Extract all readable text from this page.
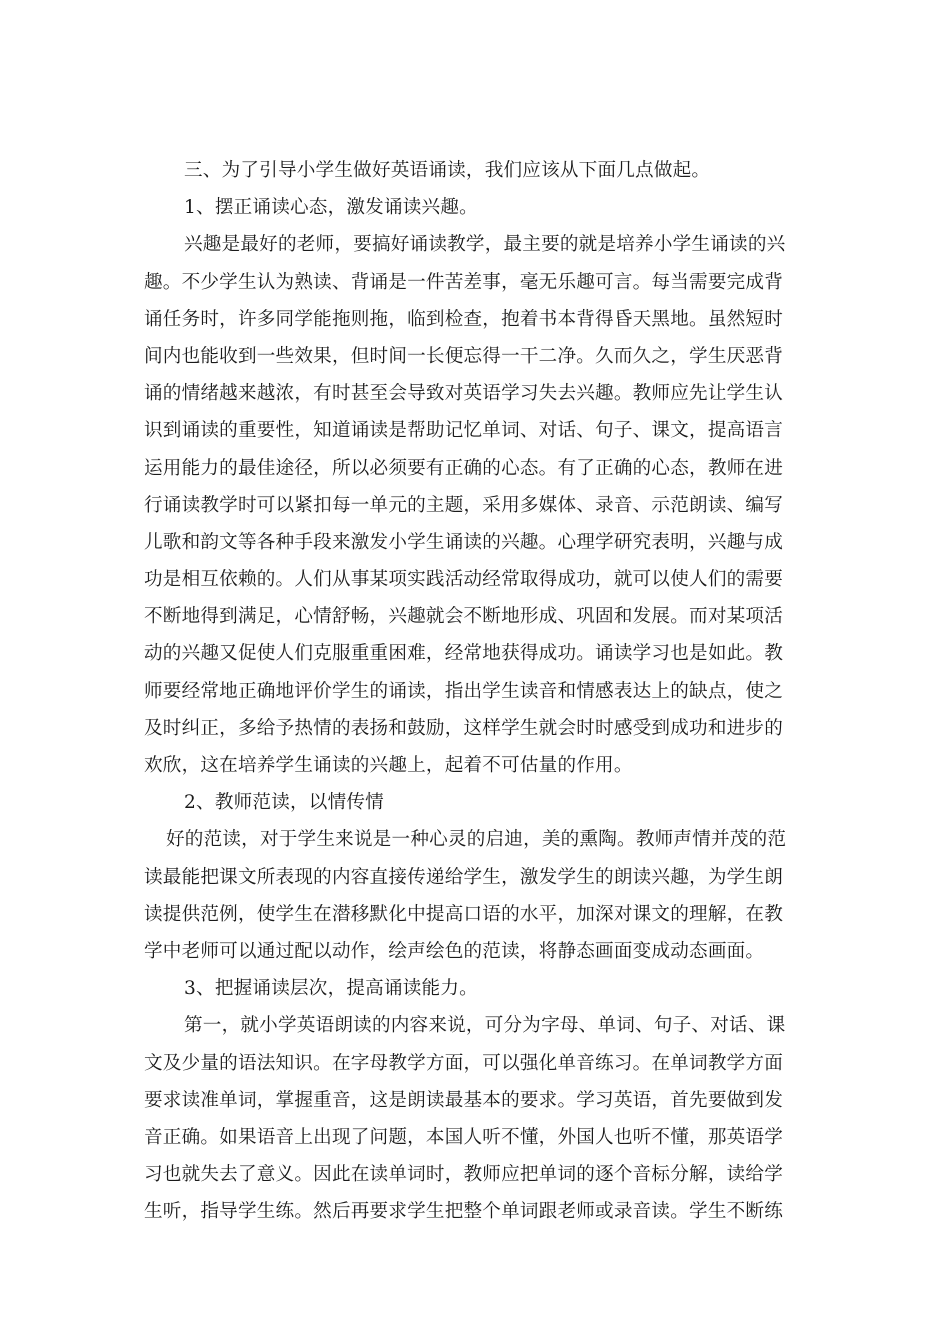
三、为了引导小学生做好英语诵读，我们应该从下面几点做起。
1、摆正诵读心态，激发诵读兴趣。
兴趣是最好的老师，要搞好诵读教学，最主要的就是培养小学生诵读的兴
趣。不少学生认为熟读、背诵是一件苦差事，毫无乐趣可言。每当需要完成背
诵任务时，许多同学能拖则拖，临到检查，抱着书本背得昏天黑地。虽然短时
间内也能收到一些效果，但时间一长便忘得一干二净。久而久之，学生厌恶背
诵的情绪越来越浓，有时甚至会导致对英语学习失去兴趣。教师应先让学生认
识到诵读的重要性，知道诵读是帮助记忆单词、对话、句子、课文，提高语言
运用能力的最佳途径，所以必须要有正确的心态。有了正确的心态，教师在进
行诵读教学时可以紧扣每一单元的主题，采用多媒体、录音、示范朗读、编写
儿歌和韵文等各种手段来激发小学生诵读的兴趣。心理学研究表明，兴趣与成
功是相互依赖的。人们从事某项实践活动经常取得成功，就可以使人们的需要
不断地得到满足，心情舒畅，兴趣就会不断地形成、巩固和发展。而对某项活
动的兴趣又促使人们克服重重困难，经常地获得成功。诵读学习也是如此。教
师要经常地正确地评价学生的诵读，指出学生读音和情感表达上的缺点，使之
及时纠正，多给予热情的表扬和鼓励，这样学生就会时时感受到成功和进步的
欢欣，这在培养学生诵读的兴趣上，起着不可估量的作用。
2、教师范读，以情传情
好的范读，对于学生来说是一种心灵的启迪，美的熏陶。教师声情并茂的范
读最能把课文所表现的内容直接传递给学生，激发学生的朗读兴趣，为学生朗
读提供范例，使学生在潜移默化中提高口语的水平，加深对课文的理解，在教
学中老师可以通过配以动作，绘声绘色的范读，将静态画面变成动态画面。
3、把握诵读层次，提高诵读能力。
第一，就小学英语朗读的内容来说，可分为字母、单词、句子、对话、课
文及少量的语法知识。在字母教学方面，可以强化单音练习。在单词教学方面
要求读准单词，掌握重音，这是朗读最基本的要求。学习英语，首先要做到发
音正确。如果语音上出现了问题，本国人听不懂，外国人也听不懂，那英语学
习也就失去了意义。因此在读单词时，教师应把单词的逐个音标分解，读给学
生听，指导学生练。然后再要求学生把整个单词跟老师或录音读。学生不断练
